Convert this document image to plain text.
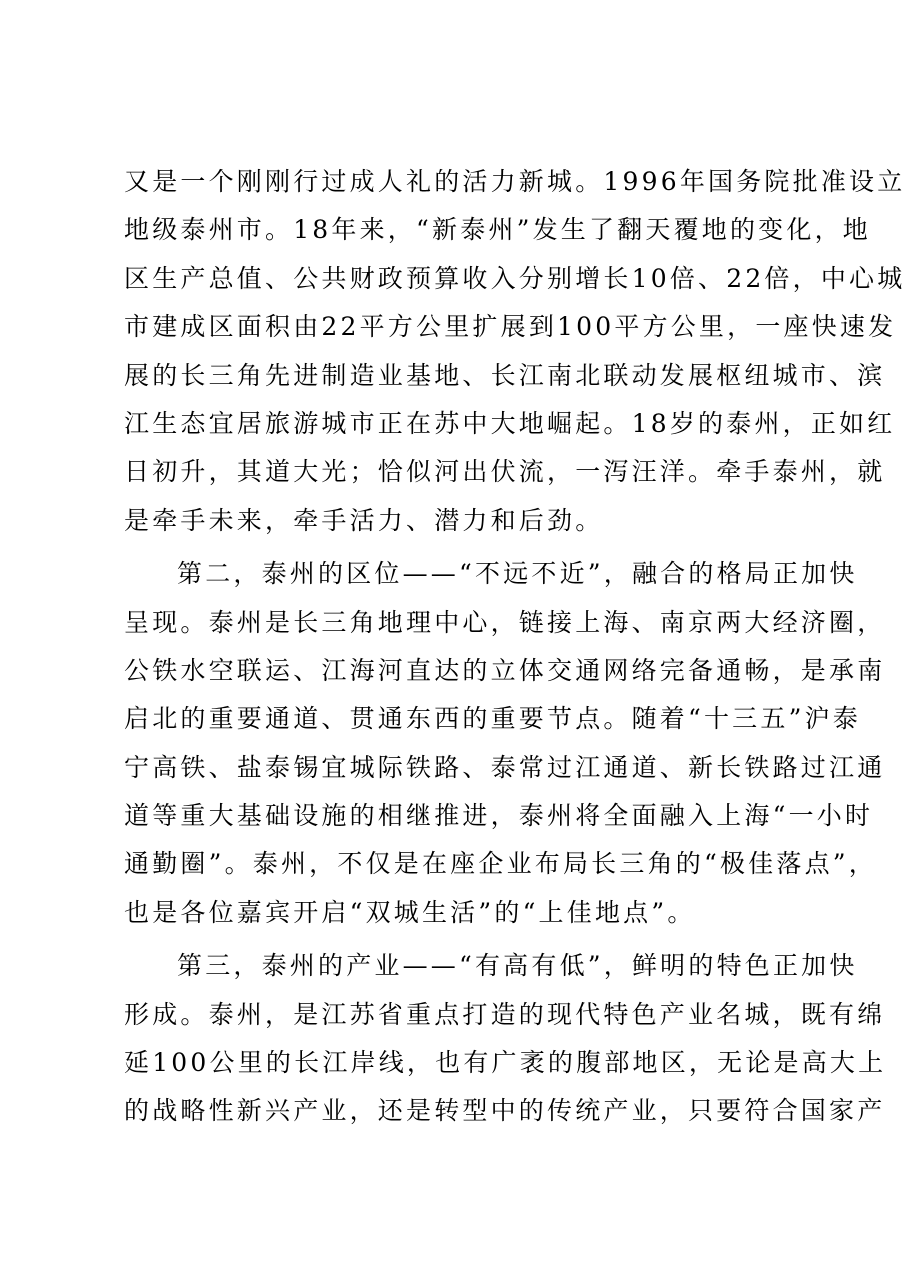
又是一个刚刚行过成人礼的活力新城。1996年国务院批准设立
地级泰州市。18年来，“新泰州”发生了翻天覆地的变化，地
区生产总值、公共财政预算收入分别增长10倍、22倍，中心城
市建成区面积由22平方公里扩展到100平方公里，一座快速发
展的长三角先进制造业基地、长江南北联动发展枢纽城市、滨
江生态宜居旅游城市正在苏中大地崛起。18岁的泰州，正如红
日初升，其道大光；恰似河出伏流，一泻汪洋。牵手泰州，就
是牵手未来，牵手活力、潜力和后劲。
第二，泰州的区位——“不远不近”，融合的格局正加快
呈现。泰州是长三角地理中心，链接上海、南京两大经济圈，
公铁水空联运、江海河直达的立体交通网络完备通畅，是承南
启北的重要通道、贯通东西的重要节点。随着“十三五”沪泰
宁高铁、盐泰锡宜城际铁路、泰常过江通道、新长铁路过江通
道等重大基础设施的相继推进，泰州将全面融入上海“一小时
通勤圈”。泰州，不仅是在座企业布局长三角的“极佳落点”，
也是各位嘉宾开启“双城生活”的“上佳地点”。
第三，泰州的产业——“有高有低”，鲜明的特色正加快
形成。泰州，是江苏省重点打造的现代特色产业名城，既有绵
延100公里的长江岸线，也有广袤的腹部地区，无论是高大上
的战略性新兴产业，还是转型中的传统产业，只要符合国家产
